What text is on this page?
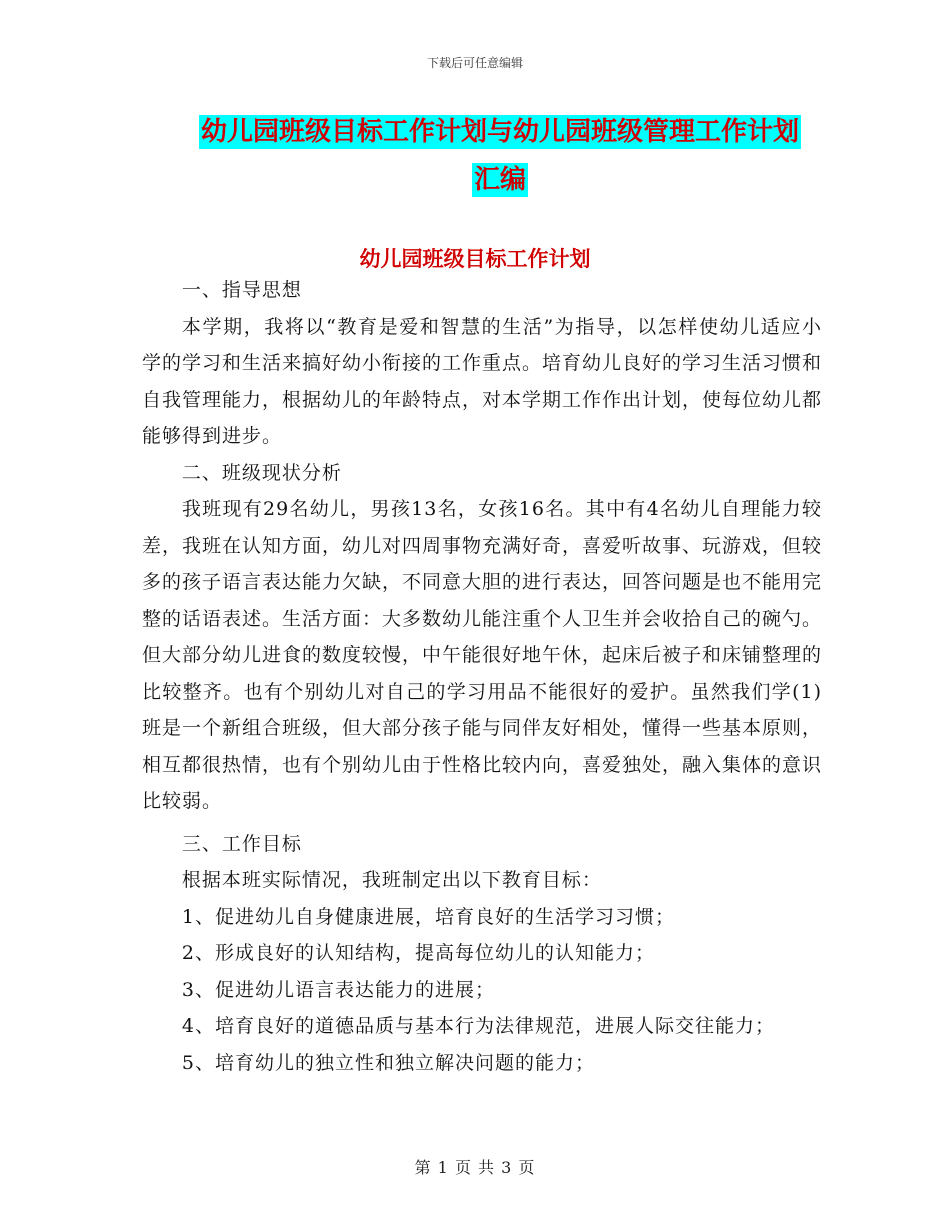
下载后可任意编辑
幼儿园班级目标工作计划与幼儿园班级管理工作计划
汇编
幼儿园班级目标工作计划

一、指导思想

本学期，我将以“教育是爱和智慧的生活”为指导，以怎样使幼儿适应小学的学习和生活来搞好幼小衔接的工作重点。培育幼儿良好的学习生活习惯和自我管理能力，根据幼儿的年龄特点，对本学期工作作出计划，使每位幼儿都能够得到进步。

二、班级现状分析

我班现有29名幼儿，男孩13名，女孩16名。其中有4名幼儿自理能力较差，我班在认知方面，幼儿对四周事物充满好奇，喜爱听故事、玩游戏，但较多的孩子语言表达能力欠缺，不同意大胆的进行表达，回答问题是也不能用完整的话语表述。生活方面：大多数幼儿能注重个人卫生并会收拾自己的碗勺。但大部分幼儿进食的数度较慢，中午能很好地午休，起床后被子和床铺整理的比较整齐。也有个别幼儿对自己的学习用品不能很好的爱护。虽然我们学(1)班是一个新组合班级，但大部分孩子能与同伴友好相处，懂得一些基本原则，相互都很热情，也有个别幼儿由于性格比较内向，喜爱独处，融入集体的意识比较弱。

三、工作目标

根据本班实际情况，我班制定出以下教育目标：

1、促进幼儿自身健康进展，培育良好的生活学习习惯；

2、形成良好的认知结构，提高每位幼儿的认知能力；

3、促进幼儿语言表达能力的进展；

4、培育良好的道德品质与基本行为法律规范，进展人际交往能力；

5、培育幼儿的独立性和独立解决问题的能力；

第 1 页 共 3 页
